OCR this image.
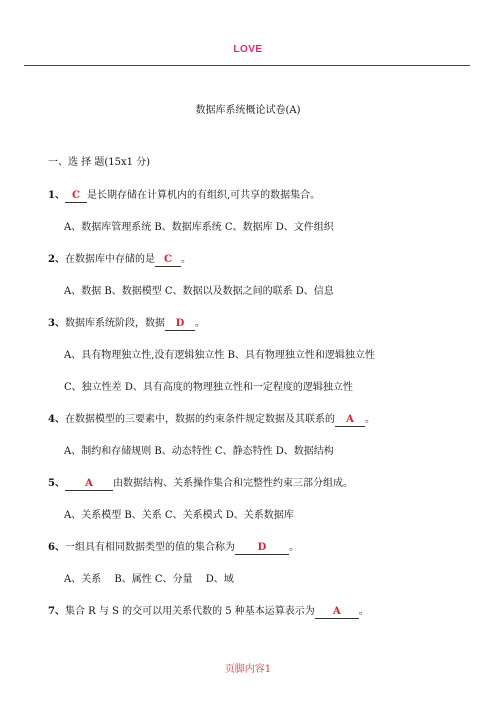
LOVE
数据库系统概论试卷(A)
一、选 择 题(15x1 分)
1、 C 是长期存储在计算机内的有组织,可共享的数据集合。
A、数据库管理系统 B、数据库系统 C、数据库 D、文件组织
2、在数据库中存储的是 C 。
A、数据 B、数据模型 C、数据以及数据之间的联系 D、信息
3、数据库系统阶段，数据 D 。
A、具有物理独立性,没有逻辑独立性 B、具有物理独立性和逻辑独立性
C、独立性差 D、具有高度的物理独立性和一定程度的逻辑独立性
4、在数据模型的三要素中，数据的约束条件规定数据及其联系的 A 。
A、制约和存储规则 B、动态特性 C、静态特性 D、数据结构
5、 A 由数据结构、关系操作集合和完整性约束三部分组成。
A、关系模型 B、关系 C、关系模式 D、关系数据库
6、一组具有相同数据类型的值的集合称为 D 。
A、关系　 B、属性 C、分量　 D、域
7、集合 R 与 S 的交可以用关系代数的 5 种基本运算表示为 A 。
页脚内容1
